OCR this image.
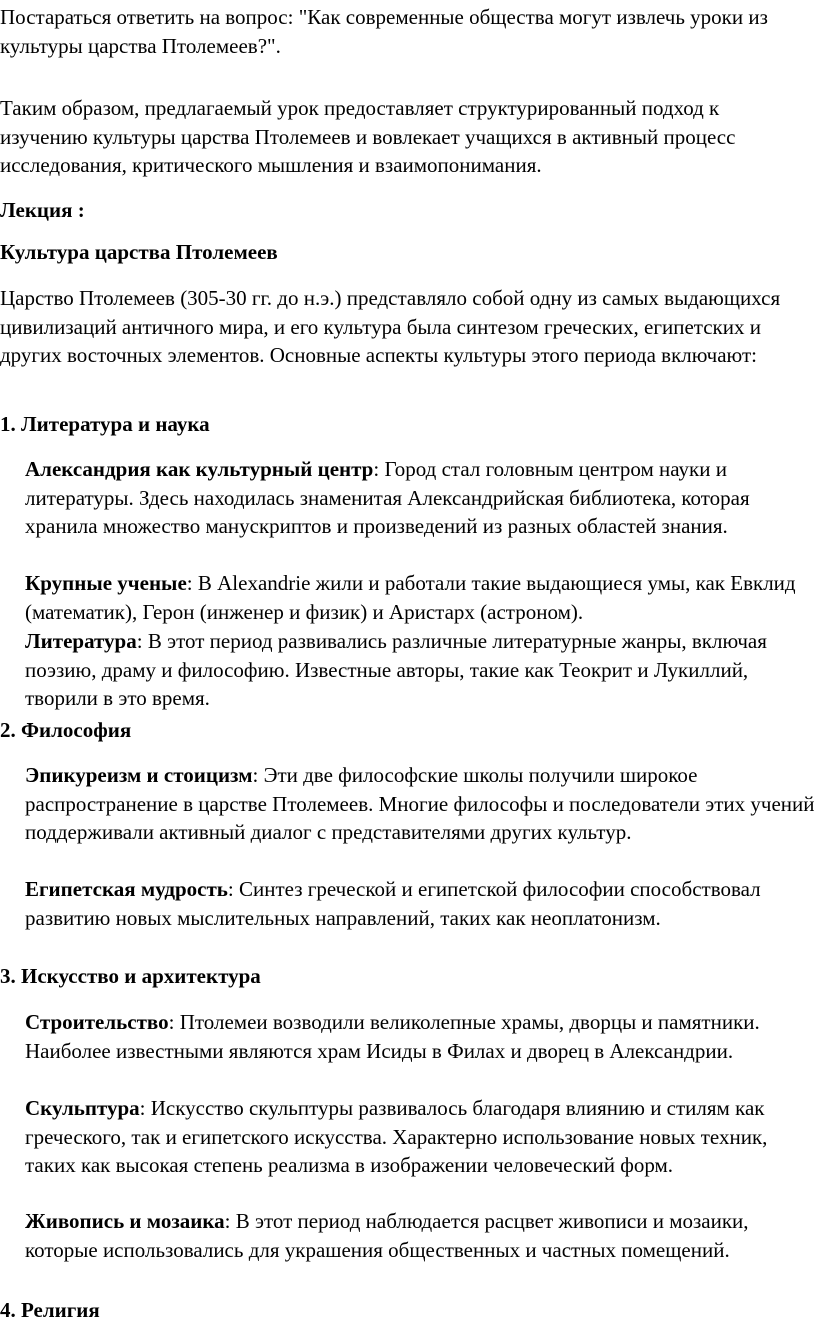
Постараться ответить на вопрос: "Как современные общества могут извлечь уроки из культуры царства Птолемеев?".

Таким образом, предлагаемый урок предоставляет структурированный подход к изучению культуры царства Птолемеев и вовлекает учащихся в активный процесс исследования, критического мышления и взаимопонимания.

Лекция :

Культура царства Птолемеев

Царство Птолемеев (305-30 гг. до н.э.) представляло собой одну из самых выдающихся цивилизаций античного мира, и его культура была синтезом греческих, египетских и других восточных элементов. Основные аспекты культуры этого периода включают:

1. Литература и наука

Александрия как культурный центр: Город стал головным центром науки и литературы. Здесь находилась знаменитая Александрийская библиотека, которая хранила множество манускриптов и произведений из разных областей знания.

Крупные ученые: В Alexandrie жили и работали такие выдающиеся умы, как Евклид (математик), Герон (инженер и физик) и Аристарх (астроном).

Литература: В этот период развивались различные литературные жанры, включая поэзию, драму и философию. Известные авторы, такие как Теокрит и Лукиллий, творили в это время.

2. Философия

Эпикуреизм и стоицизм: Эти две философские школы получили широкое распространение в царстве Птолемеев. Многие философы и последователи этих учений поддерживали активный диалог с представителями других культур.

Египетская мудрость: Синтез греческой и египетской философии способствовал развитию новых мыслительных направлений, таких как неоплатонизм.

3. Искусство и архитектура

Строительство: Птолемеи возводили великолепные храмы, дворцы и памятники. Наиболее известными являются храм Исиды в Филах и дворец в Александрии.

Скульптура: Искусство скульптуры развивалось благодаря влиянию и стилям как греческого, так и египетского искусства. Характерно использование новых техник, таких как высокая степень реализма в изображении человеческий форм.

Живопись и мозаика: В этот период наблюдается расцвет живописи и мозаики, которые использовались для украшения общественных и частных помещений.

4. Религия
